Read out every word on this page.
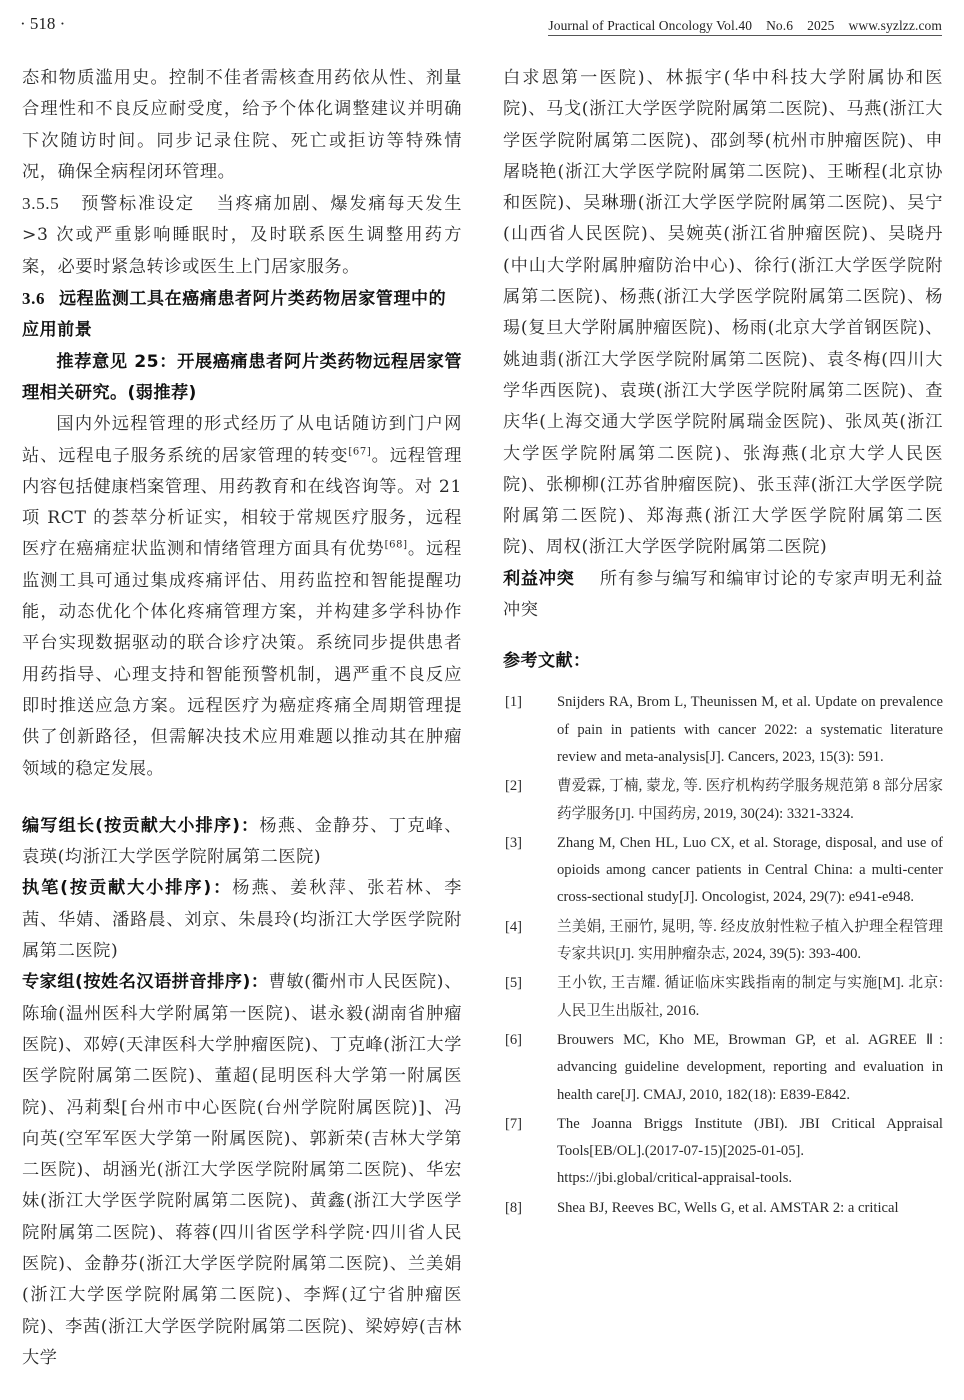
· 518 ·	Journal of Practical Oncology Vol.40 No.6 2025 www.syzlzz.com

态和物质滥用史。控制不佳者需核查用药依从性、剂量合理性和不良反应耐受度，给予个体化调整建议并明确下次随访时间。同步记录住院、死亡或拒访等特殊情况，确保全病程闭环管理。

3.5.5 预警标准设定 当疼痛加剧、爆发痛每天发生 >3 次或严重影响睡眠时，及时联系医生调整用药方案，必要时紧急转诊或医生上门居家服务。

3.6 远程监测工具在癌痛患者阿片类药物居家管理中的应用前景

推荐意见 25：开展癌痛患者阿片类药物远程居家管理相关研究。(弱推荐)

国内外远程管理的形式经历了从电话随访到门户网站、远程电子服务系统的居家管理的转变[67]。远程管理内容包括健康档案管理、用药教育和在线咨询等。对 21 项 RCT 的荟萃分析证实，相较于常规医疗服务，远程医疗在癌痛症状监测和情绪管理方面具有优势[68]。远程监测工具可通过集成疼痛评估、用药监控和智能提醒功能，动态优化个体化疼痛管理方案，并构建多学科协作平台实现数据驱动的联合诊疗决策。系统同步提供患者用药指导、心理支持和智能预警机制，遇严重不良反应即时推送应急方案。远程医疗为癌症疼痛全周期管理提供了创新路径，但需解决技术应用难题以推动其在肿瘤领域的稳定发展。

编写组长(按贡献大小排序)：杨燕、金静芬、丁克峰、袁瑛(均浙江大学医学院附属第二医院)

执笔(按贡献大小排序)：杨燕、姜秋萍、张若林、李茜、华婧、潘路晨、刘京、朱晨玲(均浙江大学医学院附属第二医院)

专家组(按姓名汉语拼音排序)：曹敏(衢州市人民医院)、陈瑜(温州医科大学附属第一医院)、谌永毅(湖南省肿瘤医院)、邓婷(天津医科大学肿瘤医院)、丁克峰(浙江大学医学院附属第二医院)、董超(昆明医科大学第一附属医院)、冯莉梨[台州市中心医院(台州学院附属医院)]、冯向英(空军军医大学第一附属医院)、郭新荣(吉林大学第二医院)、胡涵光(浙江大学医学院附属第二医院)、华宏妹(浙江大学医学院附属第二医院)、黄鑫(浙江大学医学院附属第二医院)、蒋蓉(四川省医学科学院·四川省人民医院)、金静芬(浙江大学医学院附属第二医院)、兰美娟(浙江大学医学院附属第二医院)、李辉(辽宁省肿瘤医院)、李茜(浙江大学医学院附属第二医院)、梁婷婷(吉林大学

白求恩第一医院)、林振宇(华中科技大学附属协和医院)、马戈(浙江大学医学院附属第二医院)、马燕(浙江大学医学院附属第二医院)、邵剑琴(杭州市肿瘤医院)、申屠晓艳(浙江大学医学院附属第二医院)、王晰程(北京协和医院)、吴琳珊(浙江大学医学院附属第二医院)、吴宁(山西省人民医院)、吴婉英(浙江省肿瘤医院)、吴晓丹(中山大学附属肿瘤防治中心)、徐行(浙江大学医学院附属第二医院)、杨燕(浙江大学医学院附属第二医院)、杨瑒(复旦大学附属肿瘤医院)、杨雨(北京大学首钢医院)、姚迪翡(浙江大学医学院附属第二医院)、袁冬梅(四川大学华西医院)、袁瑛(浙江大学医学院附属第二医院)、查庆华(上海交通大学医学院附属瑞金医院)、张凤英(浙江大学医学院附属第二医院)、张海燕(北京大学人民医院)、张柳柳(江苏省肿瘤医院)、张玉萍(浙江大学医学院附属第二医院)、郑海燕(浙江大学医学院附属第二医院)、周权(浙江大学医学院附属第二医院)

利益冲突 所有参与编写和编审讨论的专家声明无利益冲突

参考文献：

[1]	Snijders RA, Brom L, Theunissen M, et al. Update on prevalence of pain in patients with cancer 2022: a systematic literature review and meta-analysis[J]. Cancers, 2023, 15(3): 591.
[2]	曹爱霖, 丁楠, 蒙龙, 等. 医疗机构药学服务规范第 8 部分居家药学服务[J]. 中国药房, 2019, 30(24): 3321-3324.
[3]	Zhang M, Chen HL, Luo CX, et al. Storage, disposal, and use of opioids among cancer patients in Central China: a multi-center cross-sectional study[J]. Oncologist, 2024, 29(7): e941-e948.
[4]	兰美娟, 王丽竹, 晁明, 等. 经皮放射性粒子植入护理全程管理专家共识[J]. 实用肿瘤杂志, 2024, 39(5): 393-400.
[5]	王小钦, 王吉耀. 循证临床实践指南的制定与实施[M]. 北京: 人民卫生出版社, 2016.
[6]	Brouwers MC, Kho ME, Browman GP, et al. AGREE Ⅱ: advancing guideline development, reporting and evaluation in health care[J]. CMAJ, 2010, 182(18): E839-E842.
[7]	The Joanna Briggs Institute (JBI). JBI Critical Appraisal Tools[EB/OL].(2017-07-15)[2025-01-05]. https://jbi.global/critical-appraisal-tools.
[8]	Shea BJ, Reeves BC, Wells G, et al. AMSTAR 2: a critical
